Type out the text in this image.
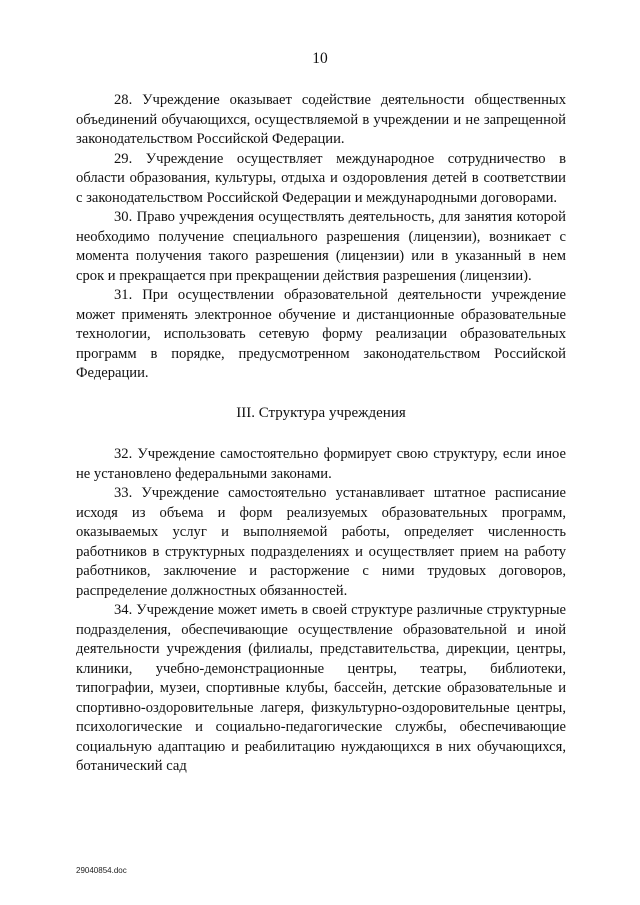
10

28. Учреждение оказывает содействие деятельности общественных объединений обучающихся, осуществляемой в учреждении и не запрещенной законодательством Российской Федерации.

29. Учреждение осуществляет международное сотрудничество в области образования, культуры, отдыха и оздоровления детей в соответствии с законодательством Российской Федерации и международными договорами.

30. Право учреждения осуществлять деятельность, для занятия которой необходимо получение специального разрешения (лицензии), возникает с момента получения такого разрешения (лицензии) или в указанный в нем срок и прекращается при прекращении действия разрешения (лицензии).

31. При осуществлении образовательной деятельности учреждение может применять электронное обучение и дистанционные образовательные технологии, использовать сетевую форму реализации образовательных программ в порядке, предусмотренном законодательством Российской Федерации.

III. Структура учреждения

32. Учреждение самостоятельно формирует свою структуру, если иное не установлено федеральными законами.

33. Учреждение самостоятельно устанавливает штатное расписание исходя из объема и форм реализуемых образовательных программ, оказываемых услуг и выполняемой работы, определяет численность работников в структурных подразделениях и осуществляет прием на работу работников, заключение и расторжение с ними трудовых договоров, распределение должностных обязанностей.

34. Учреждение может иметь в своей структуре различные структурные подразделения, обеспечивающие осуществление образовательной и иной деятельности учреждения (филиалы, представительства, дирекции, центры, клиники, учебно-демонстрационные центры, театры, библиотеки, типографии, музеи, спортивные клубы, бассейн, детские образовательные и спортивно-оздоровительные лагеря, физкультурно-оздоровительные центры, психологические и социально-педагогические службы, обеспечивающие социальную адаптацию и реабилитацию нуждающихся в них обучающихся, ботанический сад

29040854.doc
